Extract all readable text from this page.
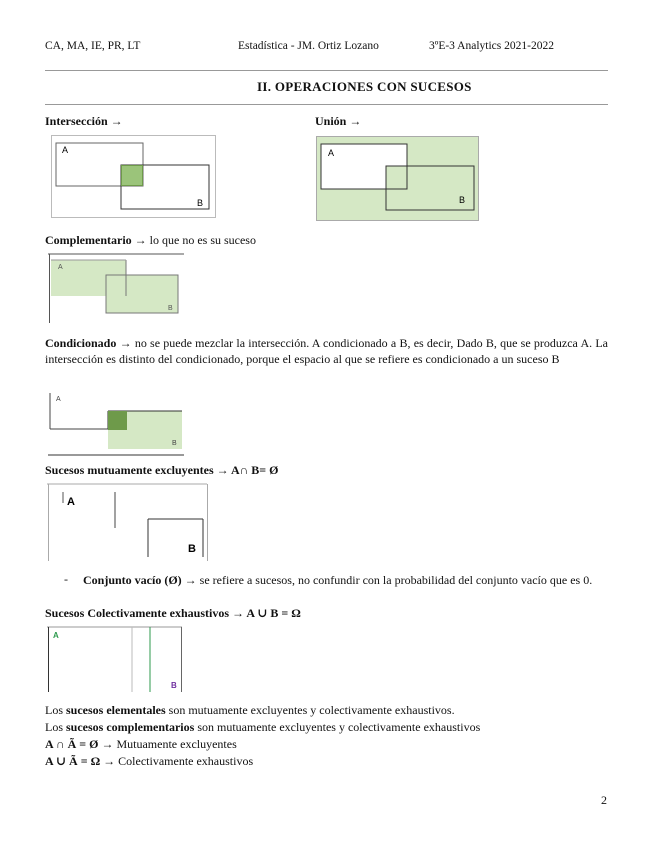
CA, MA, IE, PR, LT	Estadística - JM. Ortiz Lozano	3ºE-3 Analytics 2021-2022
II. OPERACIONES CON SUCESOS
Intersección →	Unión →
A
B
A
B
Complementario → lo que no es su suceso
A
B
Condicionado → no se puede mezclar la intersección. A condicionado a B, es decir, Dado B, que se produzca A. La intersección es distinto del condicionado, porque el espacio al que se refiere es condicionado a un suceso B
A
B
Sucesos mutuamente excluyentes → A∩ B= Ø
A
B
- Conjunto vacío (Ø) → se refiere a sucesos, no confundir con la probabilidad del conjunto vacío que es 0.
Sucesos Colectivamente exhaustivos → A ∪ B = Ω
A
B
Los sucesos elementales son mutuamente excluyentes y colectivamente exhaustivos.
Los sucesos complementarios son mutuamente excluyentes y colectivamente exhaustivos
A ∩ Ã = Ø → Mutuamente excluyentes
A ∪ Ã = Ω → Colectivamente exhaustivos
2
